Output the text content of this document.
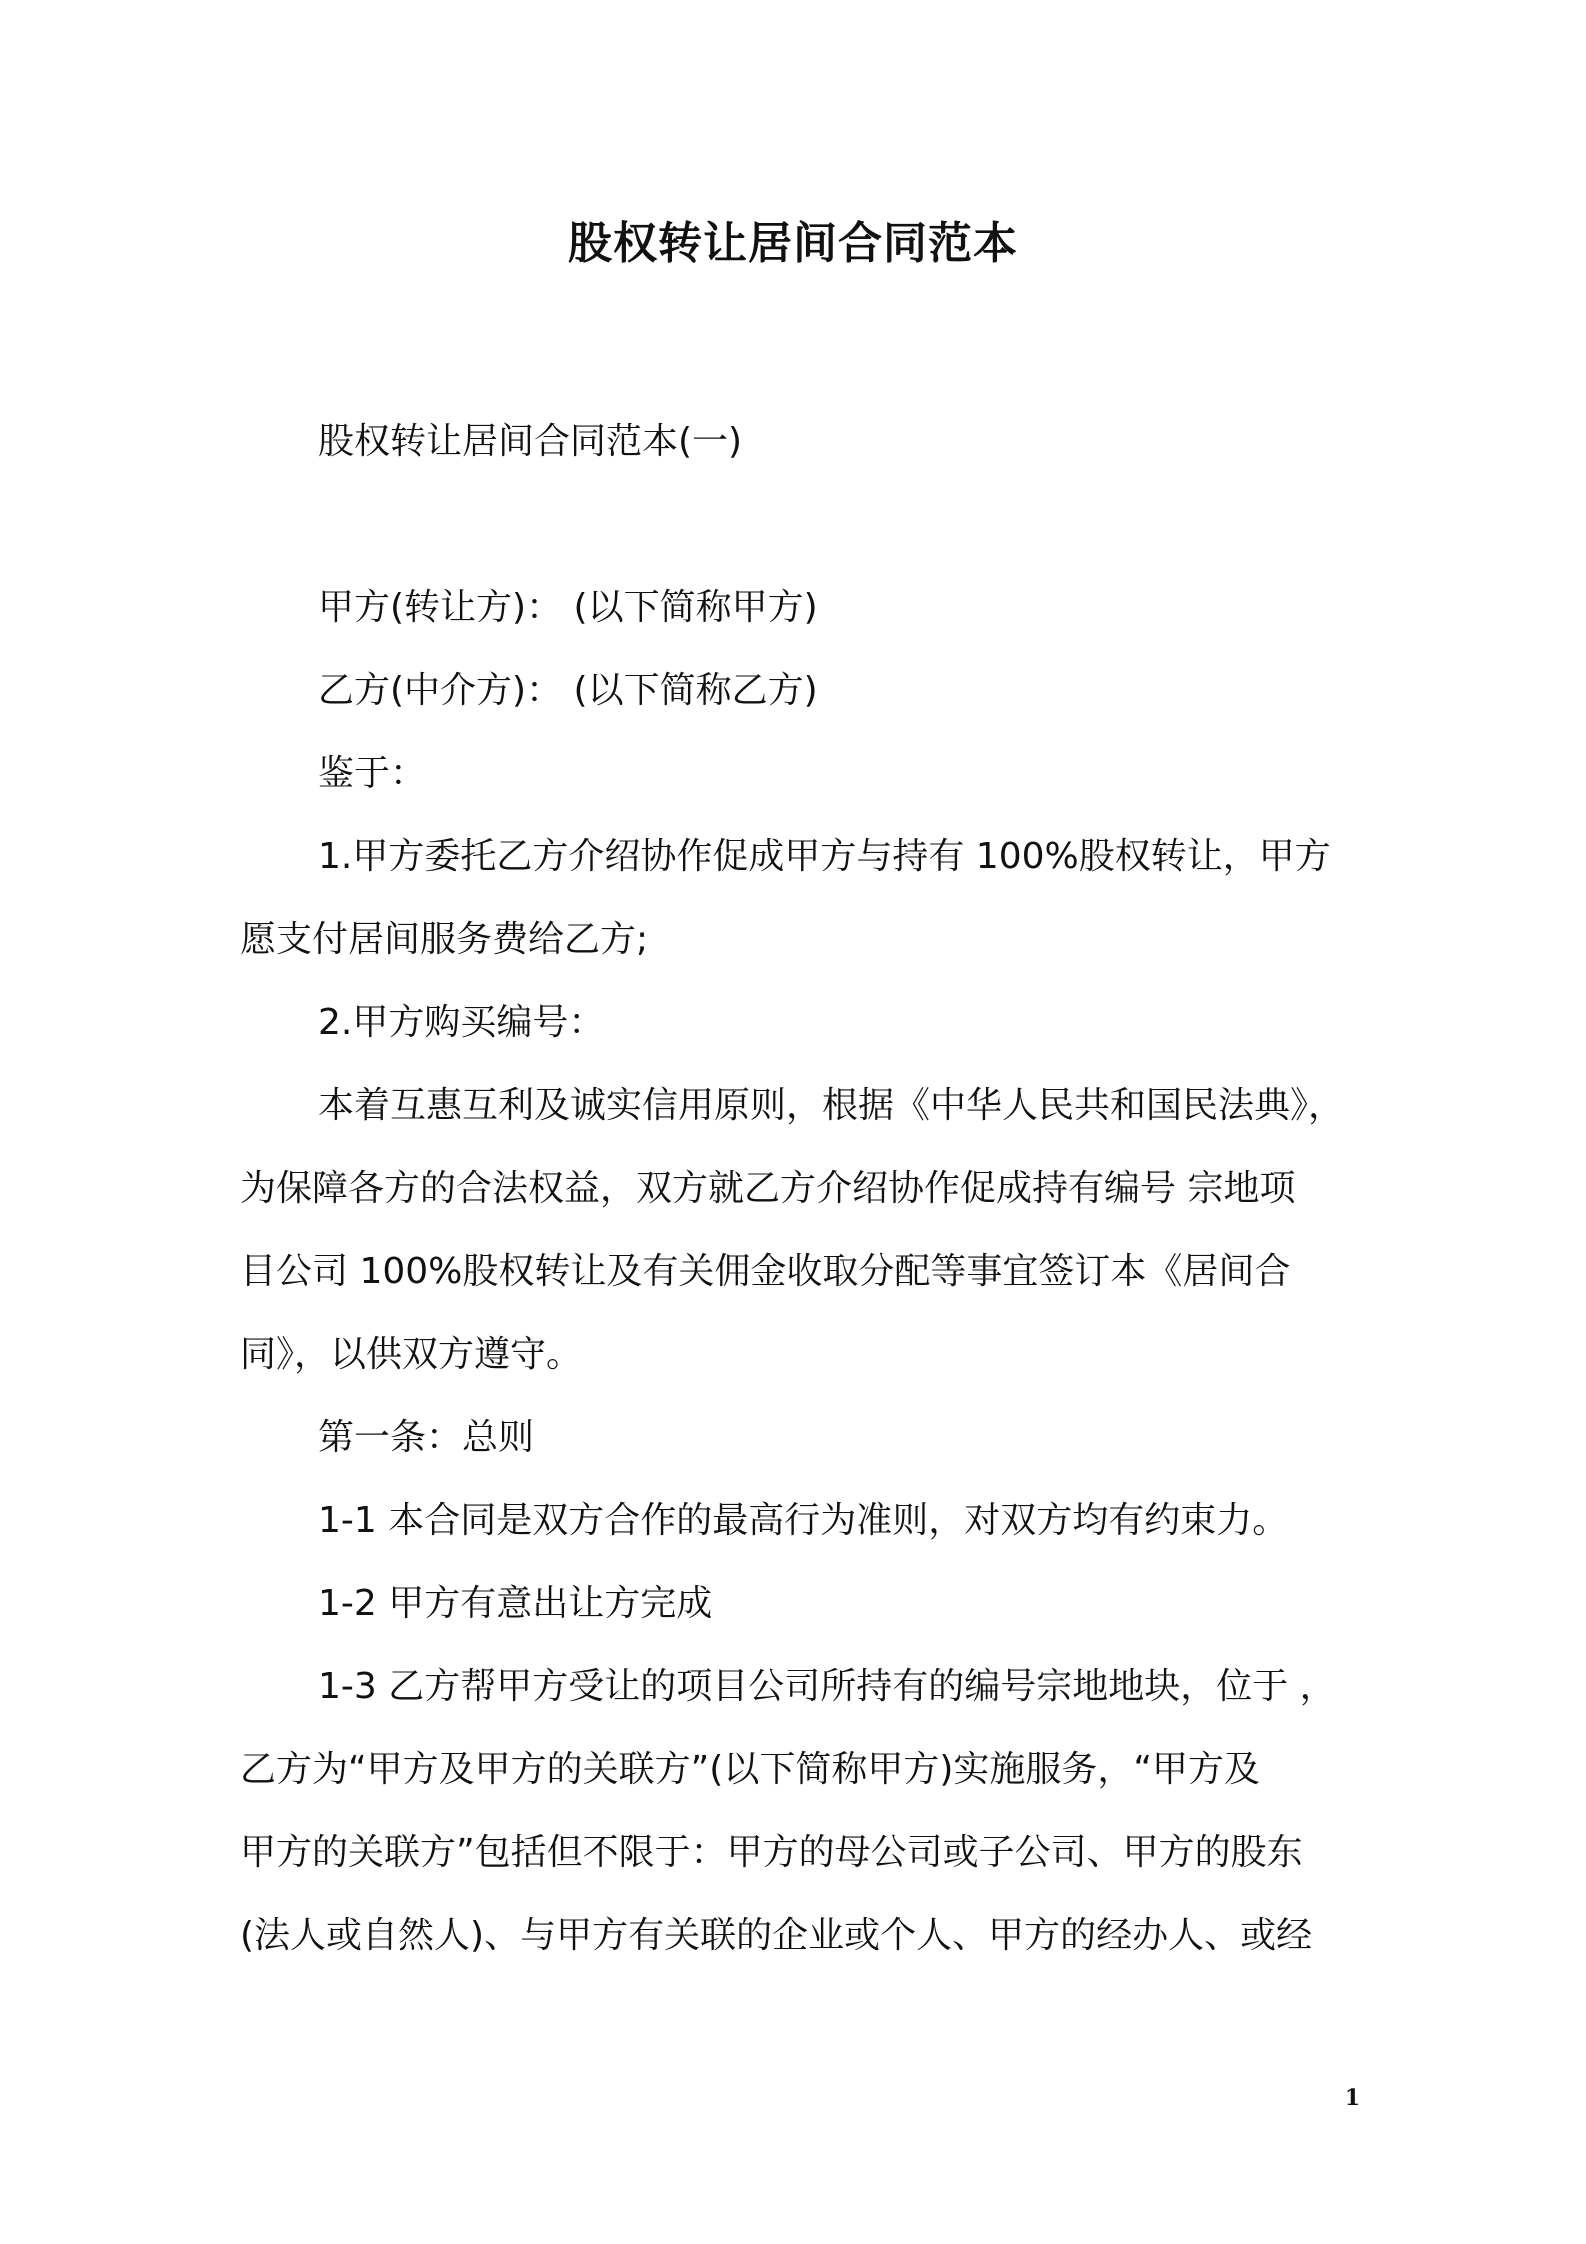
股权转让居间合同范本

股权转让居间合同范本(一)

甲方(转让方)： (以下简称甲方)

乙方(中介方)： (以下简称乙方)

鉴于：

1.甲方委托乙方介绍协作促成甲方与持有 100%股权转让，甲方

愿支付居间服务费给乙方;

2.甲方购买编号：

本着互惠互利及诚实信用原则，根据《中华人民共和国民法典》，

为保障各方的合法权益，双方就乙方介绍协作促成持有编号 宗地项

目公司 100%股权转让及有关佣金收取分配等事宜签订本《居间合

同》，以供双方遵守。

第一条：总则

1-1 本合同是双方合作的最高行为准则，对双方均有约束力。

1-2 甲方有意出让方完成

1-3 乙方帮甲方受让的项目公司所持有的编号宗地地块，位于 ，

乙方为“甲方及甲方的关联方”(以下简称甲方)实施服务，“甲方及

甲方的关联方”包括但不限于：甲方的母公司或子公司、甲方的股东

(法人或自然人)、与甲方有关联的企业或个人、甲方的经办人、或经

1
